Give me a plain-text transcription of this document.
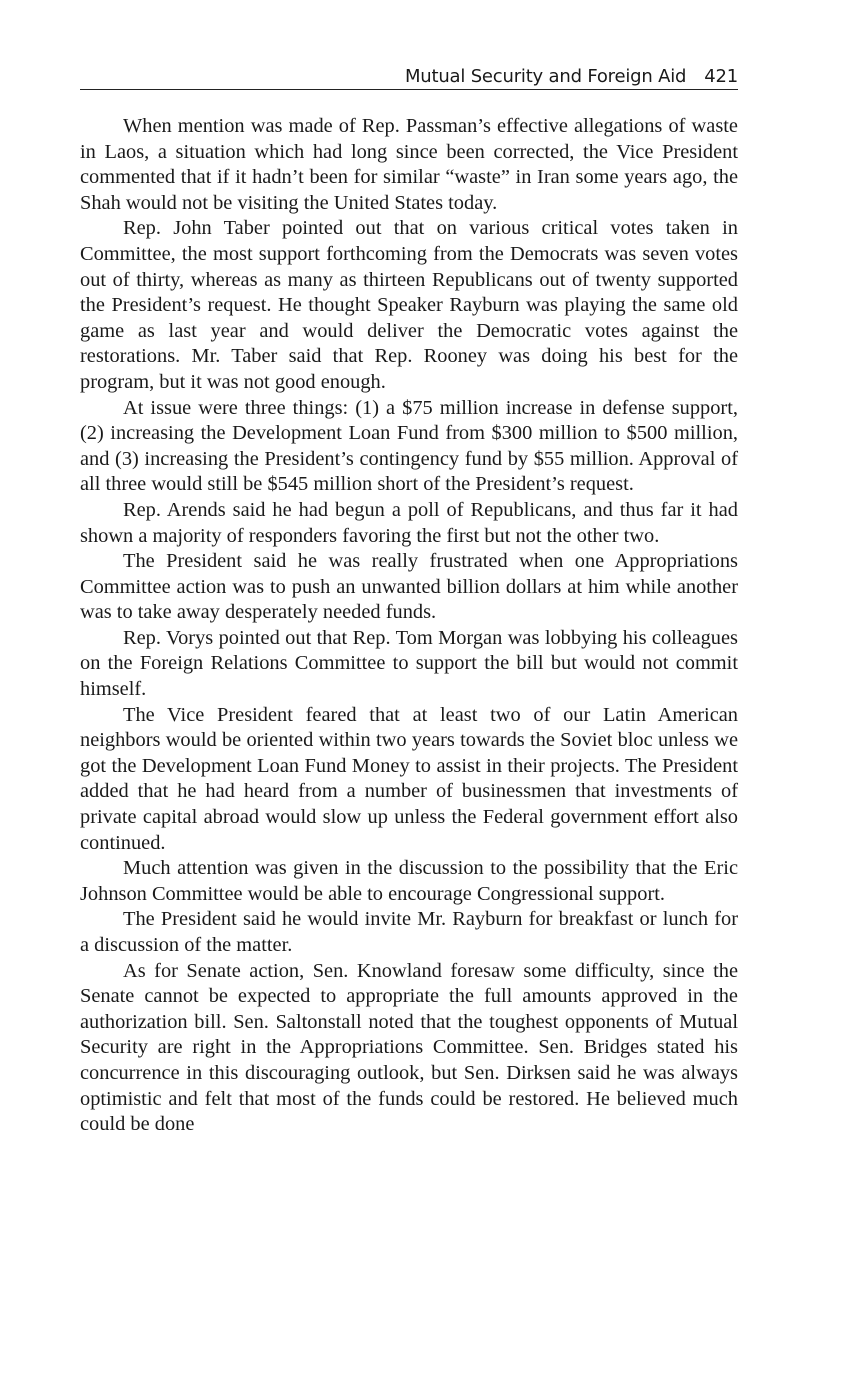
Mutual Security and Foreign Aid 421

When mention was made of Rep. Passman’s effective allegations of waste in Laos, a situation which had long since been corrected, the Vice President commented that if it hadn’t been for similar “waste” in Iran some years ago, the Shah would not be visiting the United States today.

Rep. John Taber pointed out that on various critical votes taken in Committee, the most support forthcoming from the Democrats was seven votes out of thirty, whereas as many as thirteen Republicans out of twenty supported the President’s request. He thought Speaker Rayburn was playing the same old game as last year and would deliver the Democratic votes against the restorations. Mr. Taber said that Rep. Rooney was doing his best for the program, but it was not good enough.

At issue were three things: (1) a $75 million increase in defense support, (2) increasing the Development Loan Fund from $300 million to $500 million, and (3) increasing the President’s contingency fund by $55 million. Approval of all three would still be $545 million short of the President’s request.

Rep. Arends said he had begun a poll of Republicans, and thus far it had shown a majority of responders favoring the first but not the other two.

The President said he was really frustrated when one Appropriations Committee action was to push an unwanted billion dollars at him while another was to take away desperately needed funds.

Rep. Vorys pointed out that Rep. Tom Morgan was lobbying his colleagues on the Foreign Relations Committee to support the bill but would not commit himself.

The Vice President feared that at least two of our Latin American neighbors would be oriented within two years towards the Soviet bloc unless we got the Development Loan Fund Money to assist in their projects. The President added that he had heard from a number of businessmen that investments of private capital abroad would slow up unless the Federal government effort also continued.

Much attention was given in the discussion to the possibility that the Eric Johnson Committee would be able to encourage Congressional support.

The President said he would invite Mr. Rayburn for breakfast or lunch for a discussion of the matter.

As for Senate action, Sen. Knowland foresaw some difficulty, since the Senate cannot be expected to appropriate the full amounts approved in the authorization bill. Sen. Saltonstall noted that the toughest opponents of Mutual Security are right in the Appropriations Committee. Sen. Bridges stated his concurrence in this discouraging outlook, but Sen. Dirksen said he was always optimistic and felt that most of the funds could be restored. He believed much could be done
